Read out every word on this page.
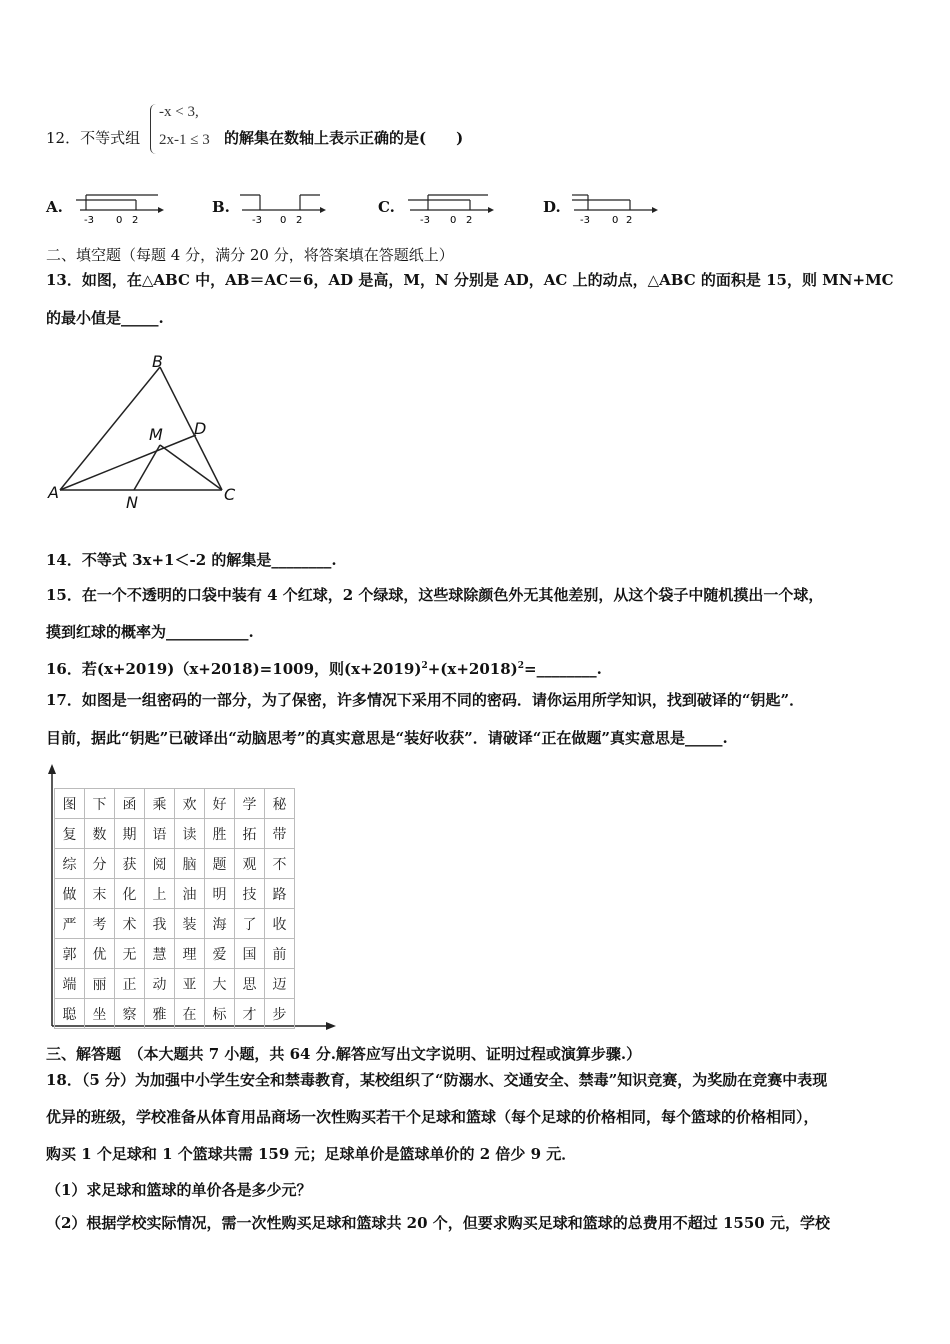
12．不等式组
-x < 3,
2x-1 ≤ 3 的解集在数轴上表示正确的是(　　)
A.
-3 0 2
B.
-3 0 2
C.
-3 0 2
D.
-3 0 2
二、填空题（每题 4 分，满分 20 分，将答案填在答题纸上）
13．如图，在△ABC 中，AB＝AC＝6，AD 是高，M，N 分别是 AD，AC 上的动点，△ABC 的面积是 15，则 MN+MC
的最小值是_____.
A
B
C
D
M
N
14．不等式 3x+1＜-2 的解集是________.
15．在一个不透明的口袋中装有 4 个红球，2 个绿球，这些球除颜色外无其他差别，从这个袋子中随机摸出一个球，
摸到红球的概率为___________.
16．若(x+2019)（x+2018)=1009，则$(x+2019)^2+(x+2018)^2=\_\_\_\_\_\_\_\_$.
17．如图是一组密码的一部分，为了保密，许多情况下采用不同的密码．请你运用所学知识，找到破译的“钥匙”．
目前，据此“钥匙”已破译出“动脑思考”的真实意思是“装好收获”．请破译“正在做题”真实意思是_____.
图	下	函	乘	欢	好	学	秘
复	数	期	语	读	胜	拓	带
综	分	获	阅	脑	题	观	不
做	末	化	上	油	明	技	路
严	考	术	我	装	海	了	收
郭	优	无	慧	理	爱	国	前
端	丽	正	动	亚	大	思	迈
聪	坐	察	雅	在	标	才	步
三、解答题　（本大题共 7 小题，共 64 分.解答应写出文字说明、证明过程或演算步骤.）
18．（5 分）为加强中小学生安全和禁毒教育，某校组织了“防溺水、交通安全、禁毒”知识竞赛，为奖励在竞赛中表现
优异的班级，学校准备从体育用品商场一次性购买若干个足球和篮球（每个足球的价格相同，每个篮球的价格相同），
购买 1 个足球和 1 个篮球共需 159 元；足球单价是篮球单价的 2 倍少 9 元．
（1）求足球和篮球的单价各是多少元？
（2）根据学校实际情况，需一次性购买足球和篮球共 20 个，但要求购买足球和篮球的总费用不超过 1550 元，学校
